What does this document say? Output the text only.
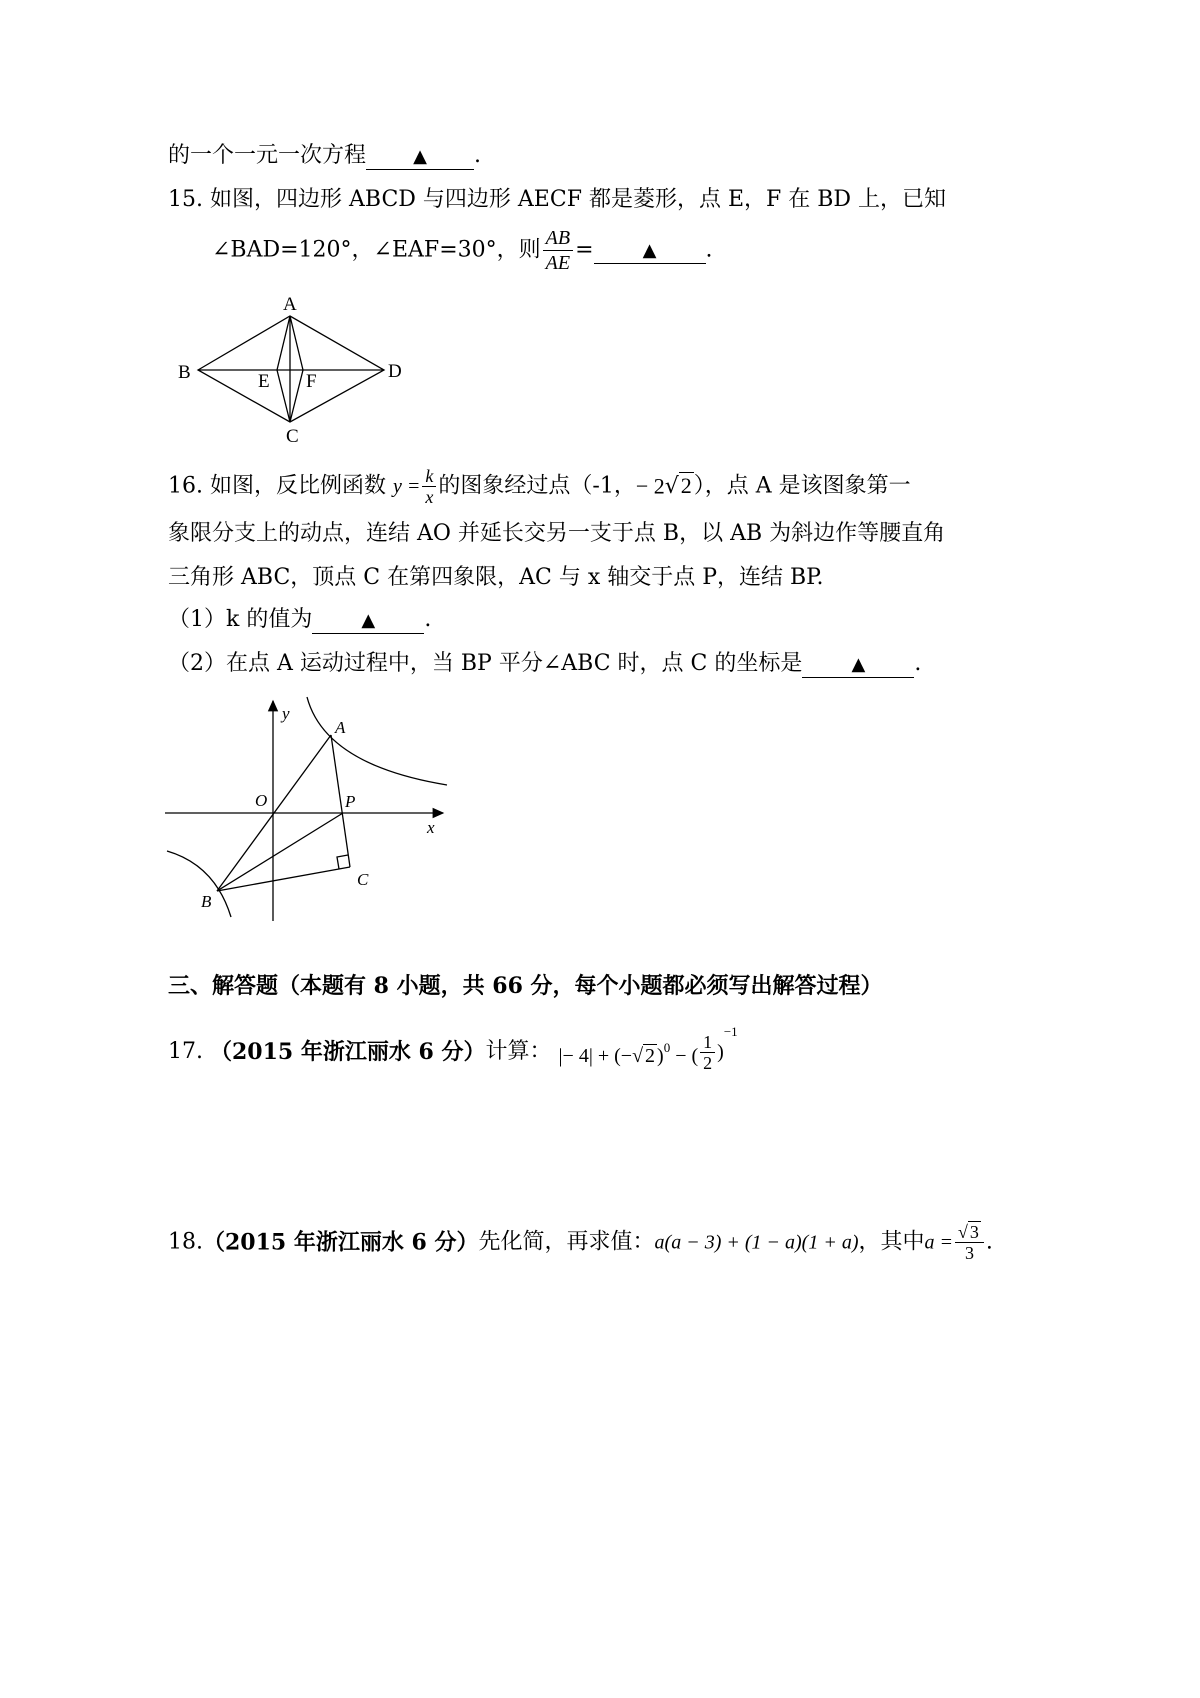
的一个一元一次方程	▲ .
15. 如图，四边形 ABCD 与四边形 AECF 都是菱形，点 E，F 在 BD 上，已知
∠BAD=120°，∠EAF=30°，则 $\frac{AB}{AE}$ =	▲ .
A
B
C
D
E F
16. 如图，反比例函数 $y = \frac{k}{x}$ 的图象经过点（-1，− 2√2），点 A 是该图象第一
象限分支上的动点，连结 AO 并延长交另一支于点 B，以 AB 为斜边作等腰直角
三角形 ABC，顶点 C 在第四象限，AC 与 x 轴交于点 P，连结 BP.
（1）k 的值为	▲ .
（2）在点 A 运动过程中，当 BP 平分∠ABC 时，点 C 的坐标是	▲ .
y
x
O
A
P
B
C
三、解答题（本题有 8 小题，共 66 分，每个小题都必须写出解答过程）
17. （2015 年浙江丽水 6 分）计算： |− 4| + (−√ 2 )$^0$ − ( $\frac{1}{2} )^{-1}$
18.（2015 年浙江丽水 6 分）先化简，再求值：a(a − 3) + (1 − a)(1 + a)，其中$a = \frac{√ 3}{3}$ .
